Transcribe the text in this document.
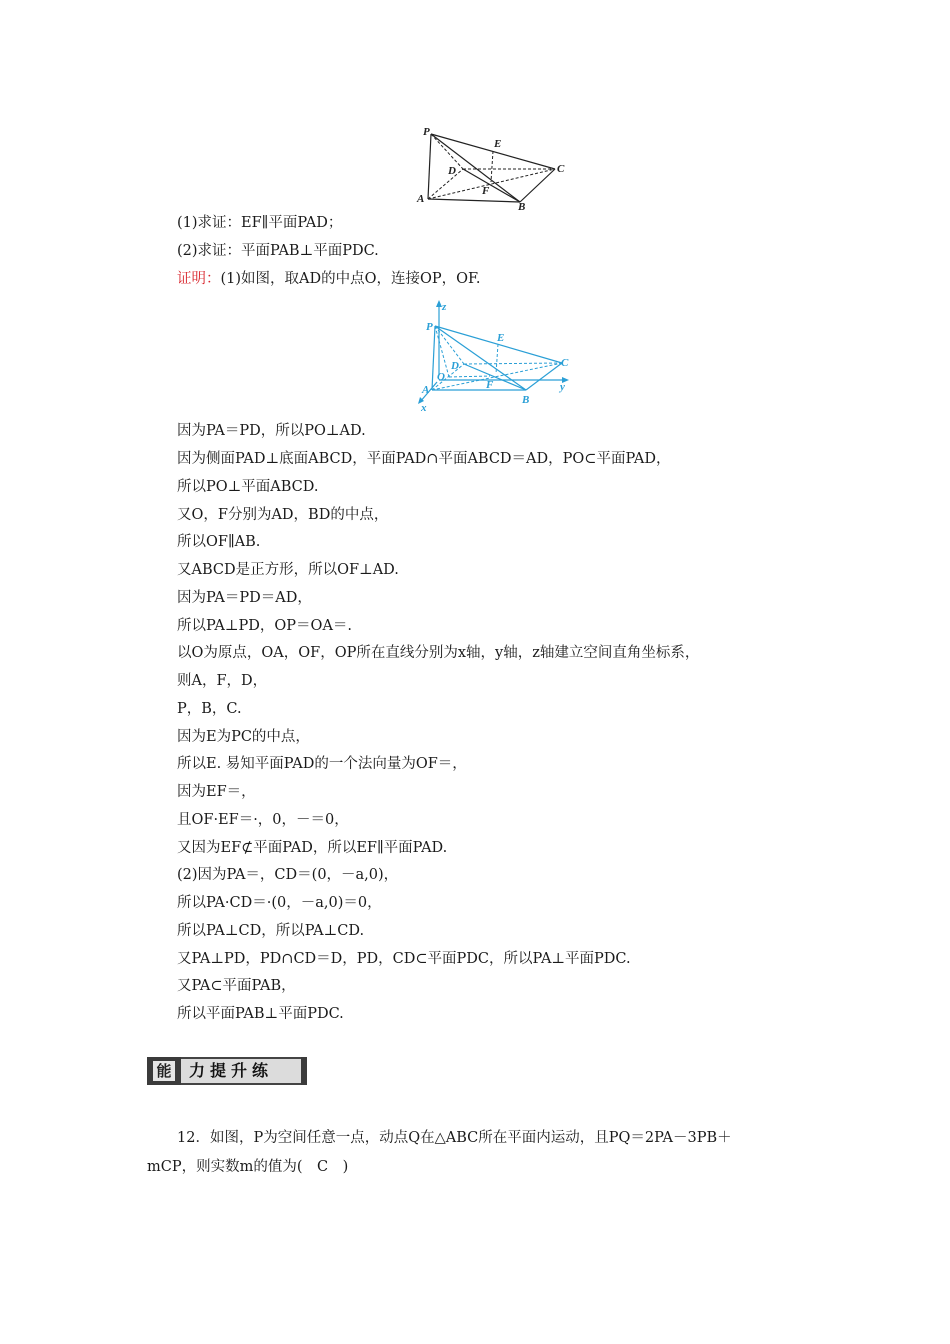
P
E
C
D
F
A
B
(1)求证：EF∥平面PAD；
(2)求证：平面PAB⊥平面PDC.
证明：(1)如图，取AD的中点O，连接OP，OF.
z
P
E
C
D
O
F	y
A
B
x
因为PA＝PD，所以PO⊥AD.
因为侧面PAD⊥底面ABCD，平面PAD∩平面ABCD＝AD，PO⊂平面PAD，
所以PO⊥平面ABCD.
又O，F分别为AD，BD的中点，
所以OF∥AB.
又ABCD是正方形，所以OF⊥AD.
因为PA＝PD＝AD，
所以PA⊥PD，OP＝OA＝.
以O为原点，OA，OF，OP所在直线分别为x轴，y轴，z轴建立空间直角坐标系，
则A，F，D，
P，B，C.
因为E为PC的中点，
所以E. 易知平面PAD的一个法向量为OF＝，
因为EF＝，
且OF·EF＝·，0，－＝0，
又因为EF⊄平面PAD，所以EF∥平面PAD.
(2)因为PA＝，CD＝(0，－a,0)，
所以PA·CD＝·(0，－a,0)＝0，
所以PA⊥CD，所以PA⊥CD.
又PA⊥PD，PD∩CD＝D，PD，CD⊂平面PDC，所以PA⊥平面PDC.
又PA⊂平面PAB，
所以平面PAB⊥平面PDC.
能 力提升练
12．如图，P为空间任意一点，动点Q在△ABC所在平面内运动，且PQ＝2PA－3PB＋
mCP，则实数m的值为(　C　)
